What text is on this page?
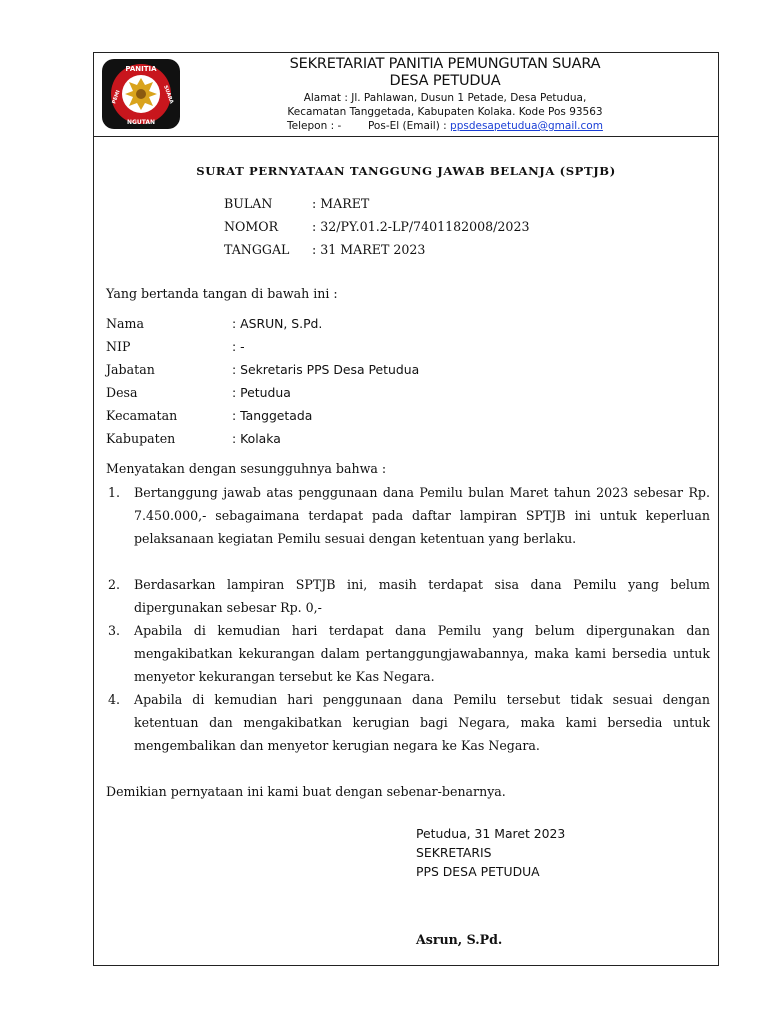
PANITIA
NGUTAN
PEMI	SUARA
SEKRETARIAT PANITIA PEMUNGUTAN SUARA
DESA PETUDUA
Alamat : Jl. Pahlawan, Dusun 1 Petade, Desa Petudua,
Kecamatan Tanggetada, Kabupaten Kolaka. Kode Pos 93563
Telepon : -        Pos-El (Email) : ppsdesapetudua@gmail.com
SURAT PERNYATAAN TANGGUNG JAWAB BELANJA (SPTJB)
BULAN	: MARET
NOMOR	: 32/PY.01.2-LP/7401182008/2023
TANGGAL : 31 MARET 2023
Yang bertanda tangan di bawah ini :
Nama	: ASRUN, S.Pd.
NIP	: -
Jabatan	: Sekretaris PPS Desa Petudua
Desa	: Petudua
Kecamatan	: Tanggetada
Kabupaten	: Kolaka
Menyatakan dengan sesungguhnya bahwa :
1. Bertanggung jawab atas penggunaan dana Pemilu bulan Maret tahun 2023 sebesar Rp. 7.450.000,- sebagaimana terdapat pada daftar lampiran SPTJB ini untuk keperluan pelaksanaan kegiatan Pemilu sesuai dengan ketentuan yang berlaku.
2. Berdasarkan lampiran SPTJB ini, masih terdapat sisa dana Pemilu yang belum dipergunakan sebesar Rp. 0,-
3. Apabila di kemudian hari terdapat dana Pemilu yang belum dipergunakan dan mengakibatkan kekurangan dalam pertanggungjawabannya, maka kami bersedia untuk menyetor kekurangan tersebut ke Kas Negara.
4. Apabila di kemudian hari penggunaan dana Pemilu tersebut tidak sesuai dengan ketentuan dan mengakibatkan kerugian bagi Negara, maka kami bersedia untuk mengembalikan dan menyetor kerugian negara ke Kas Negara.
Demikian pernyataan ini kami buat dengan sebenar-benarnya.
Petudua, 31 Maret 2023
SEKRETARIS
PPS DESA PETUDUA
Asrun, S.Pd.
